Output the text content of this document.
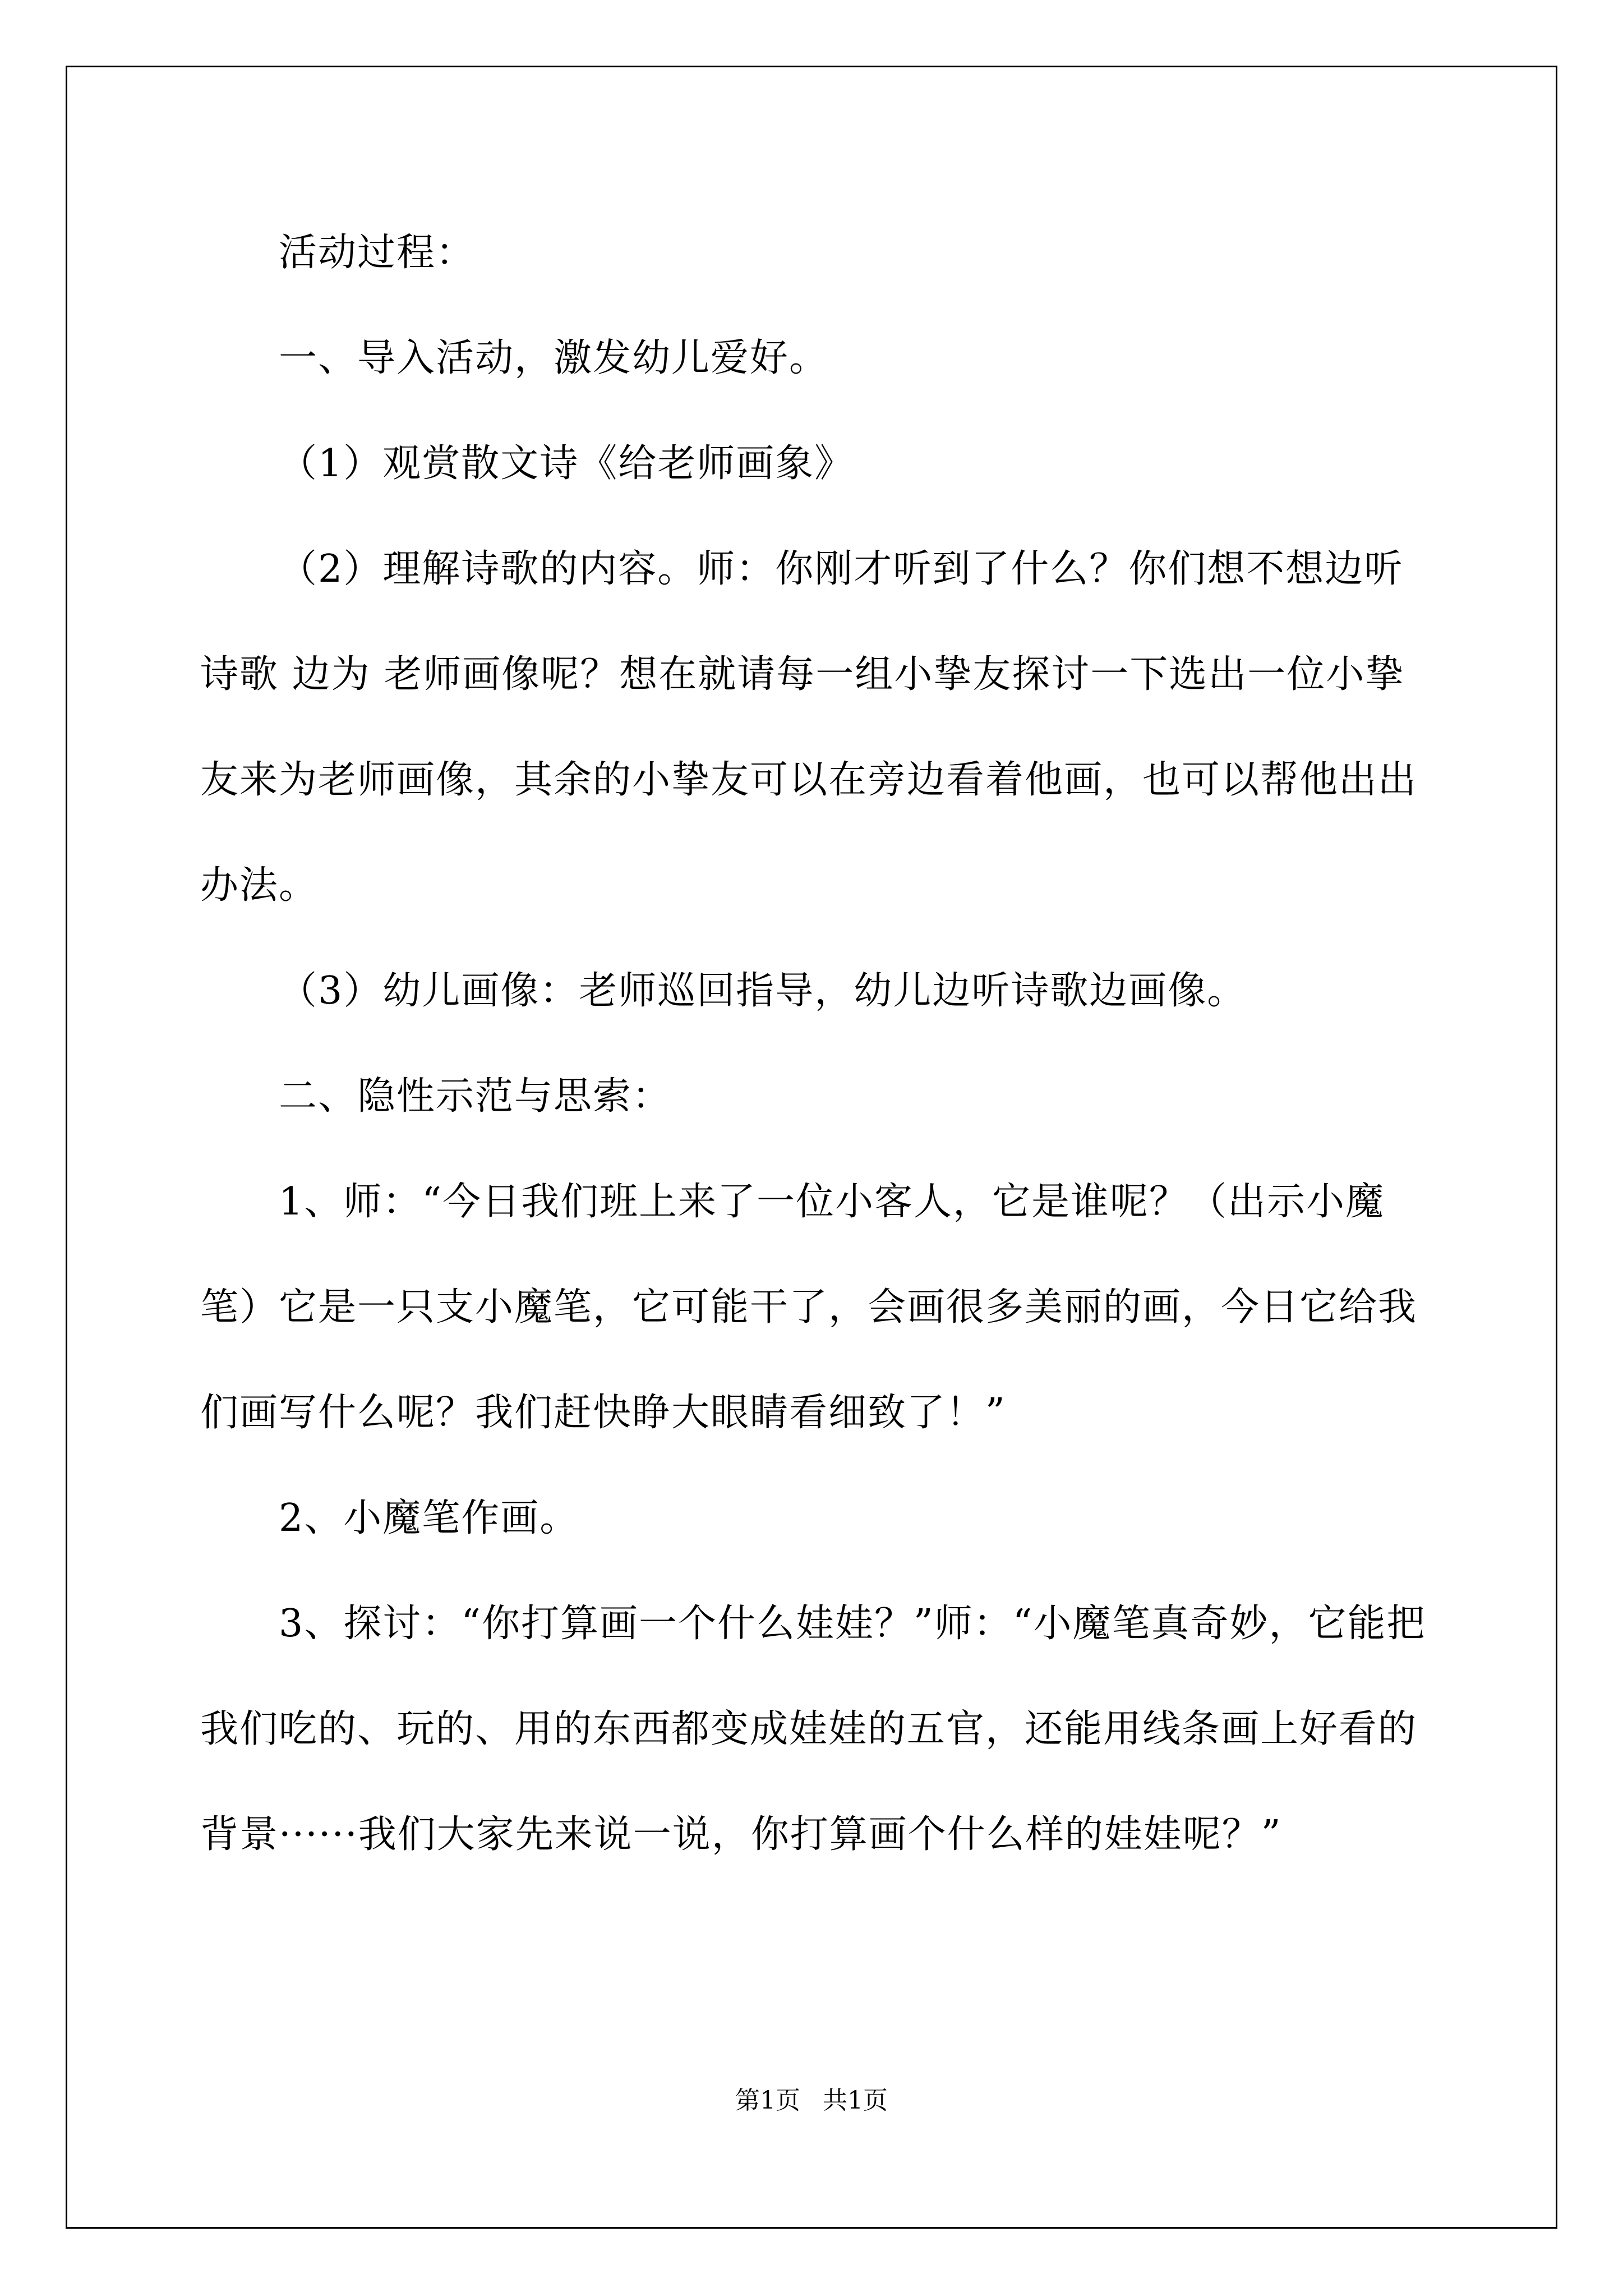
活动过程：

一、导入活动，激发幼儿爱好。

（1）观赏散文诗《给老师画象》

（2）理解诗歌的内容。师：你刚才听到了什么？你们想不想边听诗歌 边为 老师画像呢？想在就请每一组小挚友探讨一下选出一位小挚友来为老师画像，其余的小挚友可以在旁边看着他画，也可以帮他出出办法。

（3）幼儿画像：老师巡回指导，幼儿边听诗歌边画像。

二、隐性示范与思索：

1、师：“今日我们班上来了一位小客人，它是谁呢？（出示小魔笔）它是一只支小魔笔，它可能干了，会画很多美丽的画，今日它给我们画写什么呢？我们赶快睁大眼睛看细致了！”

2、小魔笔作画。

3、探讨：“你打算画一个什么娃娃？”师：“小魔笔真奇妙，它能把我们吃的、玩的、用的东西都变成娃娃的五官，还能用线条画上好看的背景······我们大家先来说一说，你打算画个什么样的娃娃呢？”

第1页 共1页
